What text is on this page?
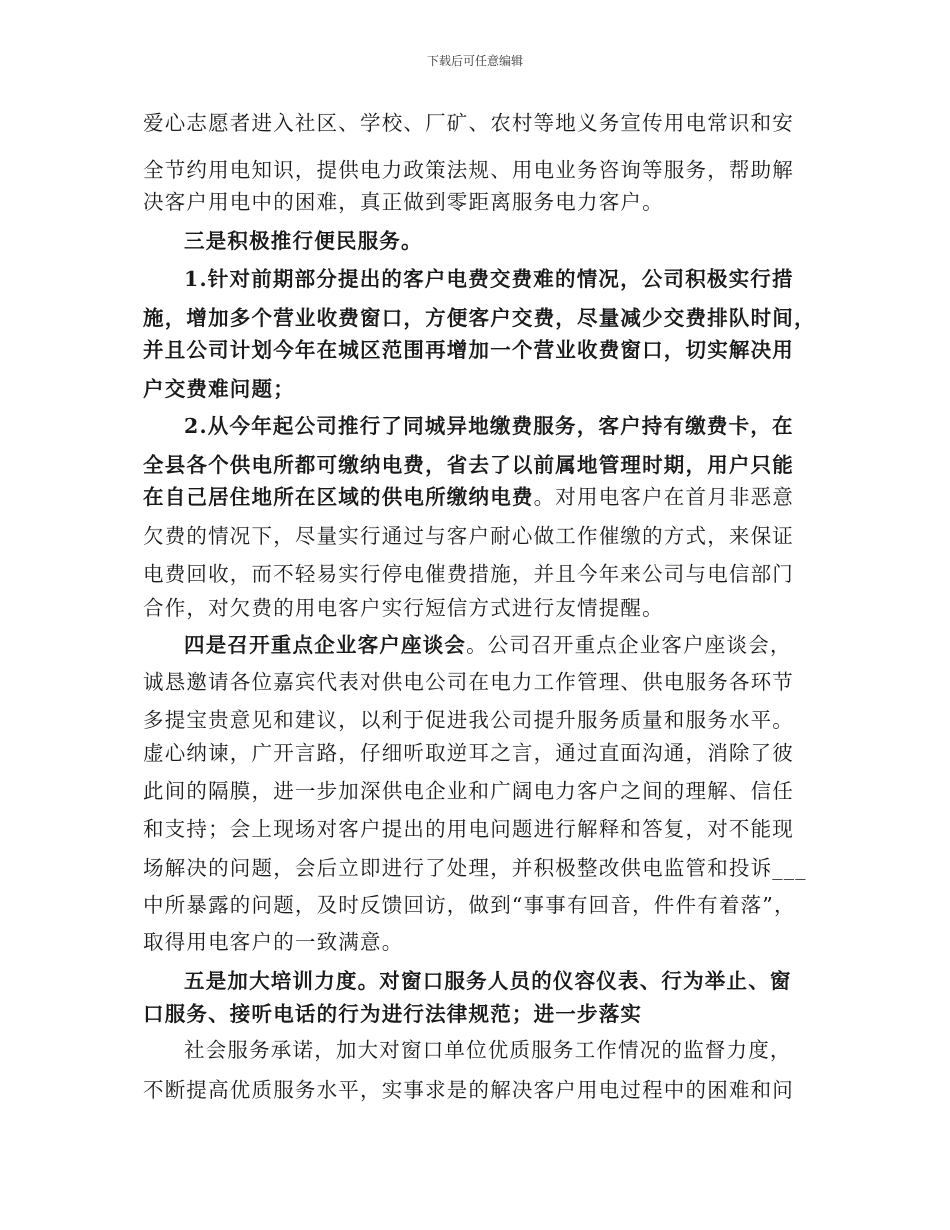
下载后可任意编辑
爱心志愿者进入社区、学校、厂矿、农村等地义务宣传用电常识和安
全节约用电知识，提供电力政策法规、用电业务咨询等服务，帮助解
决客户用电中的困难，真正做到零距离服务电力客户。
三是积极推行便民服务。
1.针对前期部分提出的客户电费交费难的情况，公司积极实行措
施，增加多个营业收费窗口，方便客户交费，尽量减少交费排队时间，
并且公司计划今年在城区范围再增加一个营业收费窗口，切实解决用
户交费难问题；
2.从今年起公司推行了同城异地缴费服务，客户持有缴费卡，在
全县各个供电所都可缴纳电费，省去了以前属地管理时期，用户只能
在自己居住地所在区域的供电所缴纳电费。对用电客户在首月非恶意
欠费的情况下，尽量实行通过与客户耐心做工作催缴的方式，来保证
电费回收，而不轻易实行停电催费措施，并且今年来公司与电信部门
合作，对欠费的用电客户实行短信方式进行友情提醒。
四是召开重点企业客户座谈会。公司召开重点企业客户座谈会，
诚恳邀请各位嘉宾代表对供电公司在电力工作管理、供电服务各环节
多提宝贵意见和建议，以利于促进我公司提升服务质量和服务水平。
虚心纳谏，广开言路，仔细听取逆耳之言，通过直面沟通，消除了彼
此间的隔膜，进一步加深供电企业和广阔电力客户之间的理解、信任
和支持；会上现场对客户提出的用电问题进行解释和答复，对不能现
场解决的问题，会后立即进行了处理，并积极整改供电监管和投诉___
中所暴露的问题，及时反馈回访，做到“事事有回音，件件有着落”，
取得用电客户的一致满意。
五是加大培训力度。对窗口服务人员的仪容仪表、行为举止、窗
口服务、接听电话的行为进行法律规范；进一步落实
社会服务承诺，加大对窗口单位优质服务工作情况的监督力度，
不断提高优质服务水平，实事求是的解决客户用电过程中的困难和问
